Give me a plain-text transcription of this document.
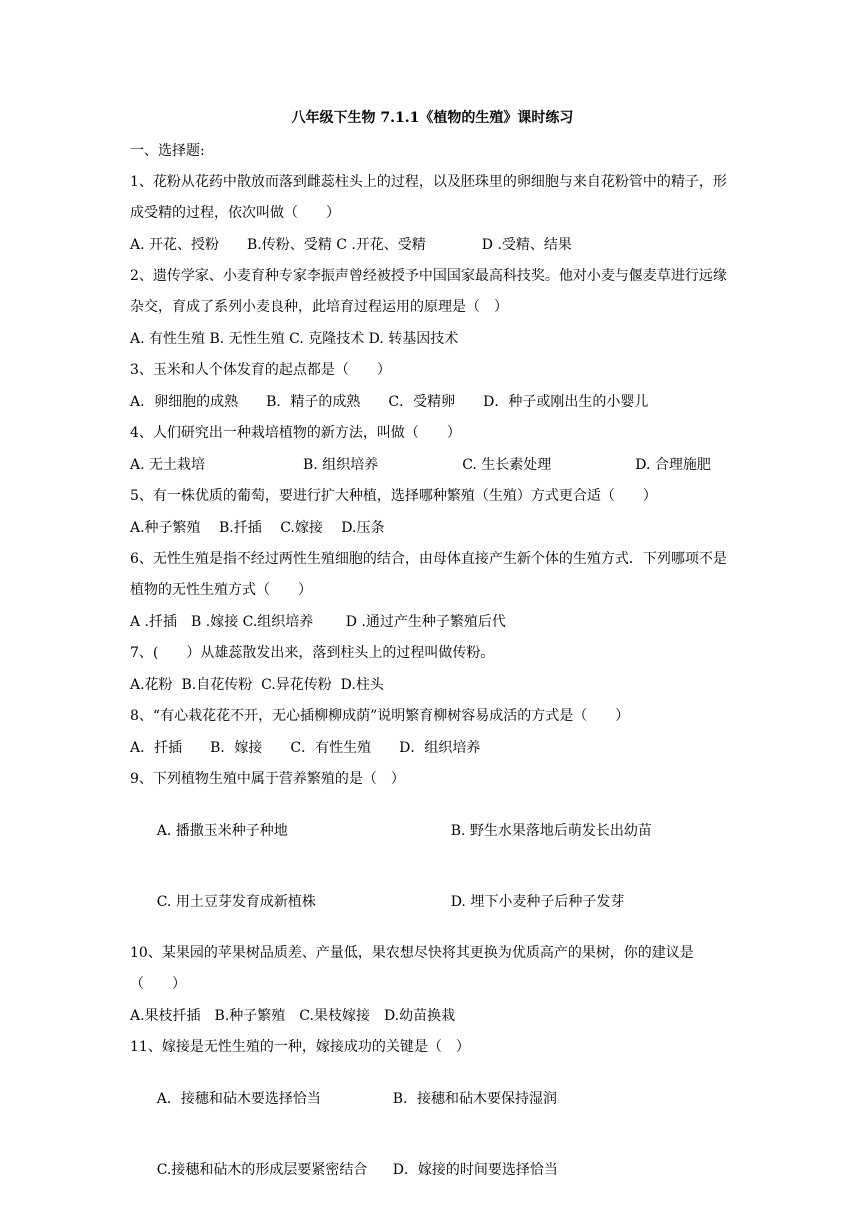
八年级下生物 7.1.1《植物的生殖》课时练习
一、选择题:
1、花粉从花药中散放而落到雌蕊柱头上的过程，以及胚珠里的卵细胞与来自花粉管中的精子，形成受精的过程，依次叫做（　　）
A. 开花、授粉　　B.传粉、受精 C .开花、受精　　　　D .受精、结果
2、遗传学家、小麦育种专家李振声曾经被授予中国国家最高科技奖。他对小麦与偃麦草进行远缘杂交，育成了系列小麦良种，此培育过程运用的原理是（　）
A. 有性生殖 B. 无性生殖 C. 克隆技术 D. 转基因技术
3、玉米和人个体发育的起点都是（　　）
A．卵细胞的成熟　　B．精子的成熟　　C．受精卵　　D．种子或刚出生的小婴儿
4、人们研究出一种栽培植物的新方法，叫做（　　）
A. 无土栽培　　　　　　　B. 组织培养　　　　　　C. 生长素处理　　　　　　D. 合理施肥
5、有一株优质的葡萄，要进行扩大种植，选择哪种繁殖（生殖）方式更合适（　　）
A.种子繁殖　 B.扦插　 C.嫁接　 D.压条
6、无性生殖是指不经过两性生殖细胞的结合，由母体直接产生新个体的生殖方式．下列哪项不是植物的无性生殖方式（　　）
A .扦插　B .嫁接 C.组织培养　　 D .通过产生种子繁殖后代
7、(　　）从雄蕊散发出来，落到柱头上的过程叫做传粉。
A.花粉  B.自花传粉  C.异花传粉  D.柱头
8、“有心栽花花不开，无心插柳柳成荫”说明繁育柳树容易成活的方式是（　　）
A．扦插　　B．嫁接　　C．有性生殖　　D．组织培养
9、下列植物生殖中属于营养繁殖的是（　）

A. 播撒玉米种子种地	B. 野生水果落地后萌发长出幼苗

C. 用土豆芽发育成新植株	D. 埋下小麦种子后种子发芽

10、某果园的苹果树品质差、产量低，果农想尽快将其更换为优质高产的果树，你的建议是（　　）
A.果枝扦插　B.种子繁殖　C.果枝嫁接　D.幼苗换栽
11、嫁接是无性生殖的一种，嫁接成功的关键是（　）

A．接穗和砧木要选择恰当	B．接穗和砧木要保持湿润

C.接穗和砧木的形成层要紧密结合 D．嫁接的时间要选择恰当
